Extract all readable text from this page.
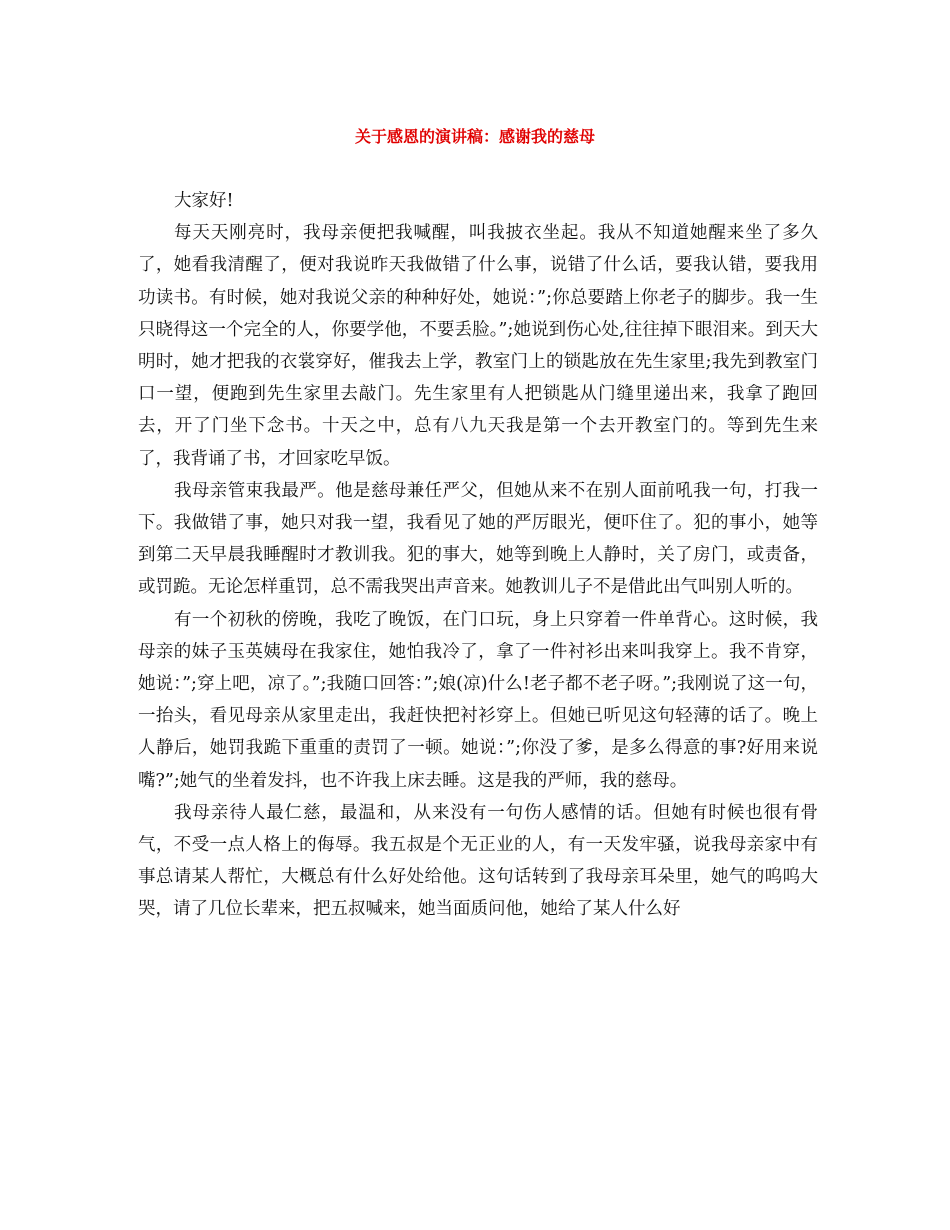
关于感恩的演讲稿：感谢我的慈母

大家好!

每天天刚亮时，我母亲便把我喊醒，叫我披衣坐起。我从不知道她醒来坐了多久了，她看我清醒了，便对我说昨天我做错了什么事，说错了什么话，要我认错，要我用功读书。有时候，她对我说父亲的种种好处，她说：”;你总要踏上你老子的脚步。我一生只晓得这一个完全的人，你要学他，不要丢脸。”;她说到伤心处,往往掉下眼泪来。到天大明时，她才把我的衣裳穿好，催我去上学，教室门上的锁匙放在先生家里;我先到教室门口一望，便跑到先生家里去敲门。先生家里有人把锁匙从门缝里递出来，我拿了跑回去，开了门坐下念书。十天之中，总有八九天我是第一个去开教室门的。等到先生来了，我背诵了书，才回家吃早饭。

我母亲管束我最严。他是慈母兼任严父，但她从来不在别人面前吼我一句，打我一下。我做错了事，她只对我一望，我看见了她的严厉眼光，便吓住了。犯的事小，她等到第二天早晨我睡醒时才教训我。犯的事大，她等到晚上人静时，关了房门，或责备，或罚跪。无论怎样重罚，总不需我哭出声音来。她教训儿子不是借此出气叫别人听的。

有一个初秋的傍晚，我吃了晚饭，在门口玩，身上只穿着一件单背心。这时候，我母亲的妹子玉英姨母在我家住，她怕我冷了，拿了一件衬衫出来叫我穿上。我不肯穿，她说：”;穿上吧，凉了。”;我随口回答：”;娘(凉)什么!老子都不老子呀。”;我刚说了这一句，一抬头，看见母亲从家里走出，我赶快把衬衫穿上。但她已听见这句轻薄的话了。晚上人静后，她罚我跪下重重的责罚了一顿。她说：”;你没了爹，是多么得意的事?好用来说嘴?”;她气的坐着发抖，也不许我上床去睡。这是我的严师，我的慈母。

我母亲待人最仁慈，最温和，从来没有一句伤人感情的话。但她有时候也很有骨气，不受一点人格上的侮辱。我五叔是个无正业的人，有一天发牢骚，说我母亲家中有事总请某人帮忙，大概总有什么好处给他。这句话转到了我母亲耳朵里，她气的呜呜大哭，请了几位长辈来，把五叔喊来，她当面质问他，她给了某人什么好
